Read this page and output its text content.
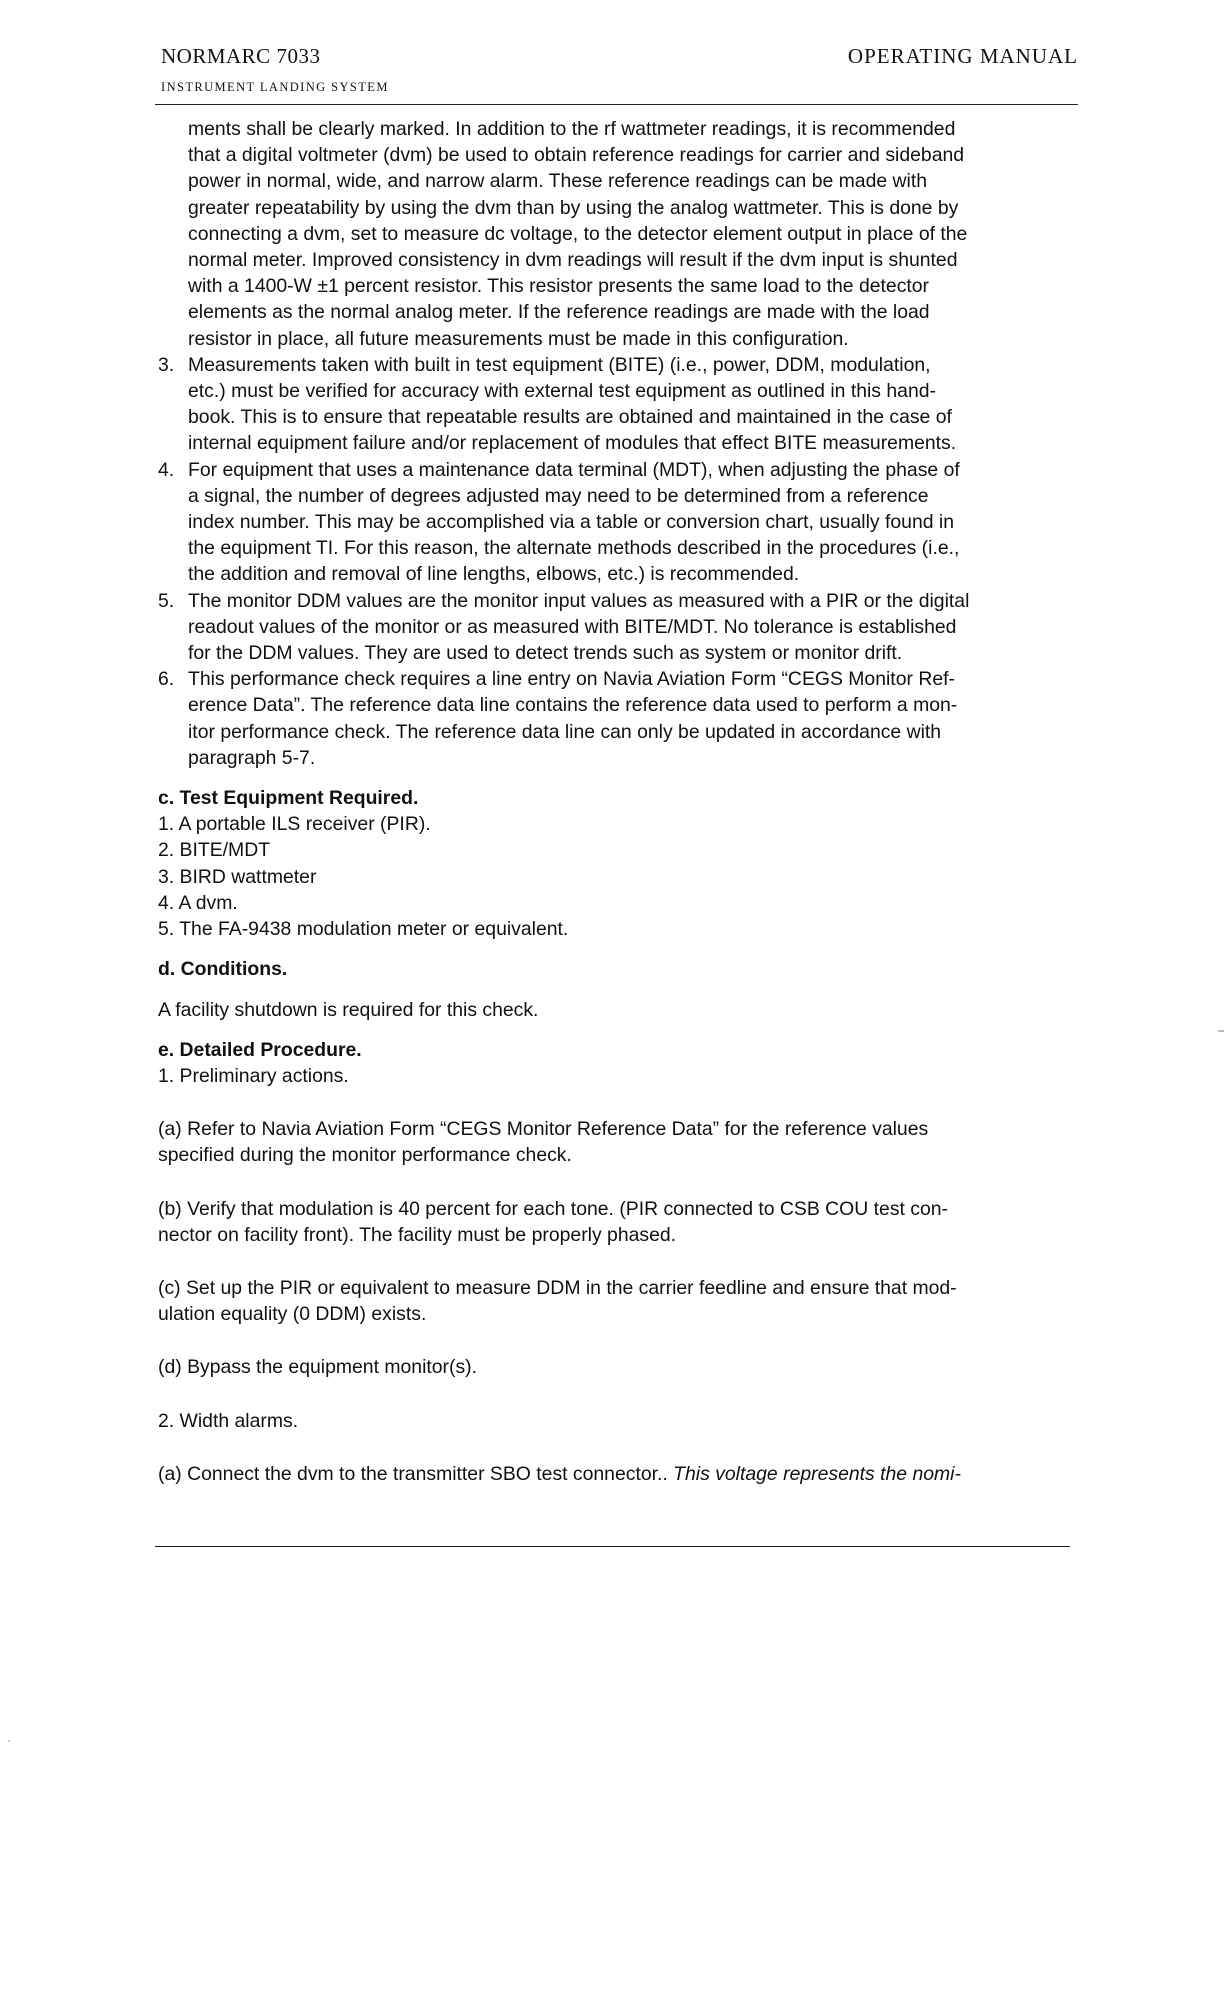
NORMARC 7033
INSTRUMENT LANDING SYSTEM
OPERATING MANUAL
ments shall be clearly marked. In addition to the rf wattmeter readings, it is recommended
that a digital voltmeter (dvm) be used to obtain reference readings for carrier and sideband
power in normal, wide, and narrow alarm. These reference readings can be made with
greater repeatability by using the dvm than by using the analog wattmeter. This is done by
connecting a dvm, set to measure dc voltage, to the detector element output in place of the
normal meter. Improved consistency in dvm readings will result if the dvm input is shunted
with a 1400-W ±1 percent resistor. This resistor presents the same load to the detector
elements as the normal analog meter. If the reference readings are made with the load
resistor in place, all future measurements must be made in this configuration.
3. Measurements taken with built in test equipment (BITE) (i.e., power, DDM, modulation,
etc.) must be verified for accuracy with external test equipment as outlined in this hand-
book. This is to ensure that repeatable results are obtained and maintained in the case of
internal equipment failure and/or replacement of modules that effect BITE measurements.
4. For equipment that uses a maintenance data terminal (MDT), when adjusting the phase of
a signal, the number of degrees adjusted may need to be determined from a reference
index number. This may be accomplished via a table or conversion chart, usually found in
the equipment TI. For this reason, the alternate methods described in the procedures (i.e.,
the addition and removal of line lengths, elbows, etc.) is recommended.
5. The monitor DDM values are the monitor input values as measured with a PIR or the digital
readout values of the monitor or as measured with BITE/MDT. No tolerance is established
for the DDM values. They are used to detect trends such as system or monitor drift.
6. This performance check requires a line entry on Navia Aviation Form “CEGS Monitor Ref-
erence Data”. The reference data line contains the reference data used to perform a mon-
itor performance check. The reference data line can only be updated in accordance with
paragraph 5-7.
c. Test Equipment Required.
1. A portable ILS receiver (PIR).
2. BITE/MDT
3. BIRD wattmeter
4. A dvm.
5. The FA-9438 modulation meter or equivalent.
d. Conditions.
A facility shutdown is required for this check.
e. Detailed Procedure.
1. Preliminary actions.
(a) Refer to Navia Aviation Form “CEGS Monitor Reference Data” for the reference values
specified during the monitor performance check.
(b) Verify that modulation is 40 percent for each tone. (PIR connected to CSB COU test con-
nector on facility front). The facility must be properly phased.
(c) Set up the PIR or equivalent to measure DDM in the carrier feedline and ensure that mod-
ulation equality (0 DDM) exists.
(d) Bypass the equipment monitor(s).
2. Width alarms.
(a) Connect the dvm to the transmitter SBO test connector.. This voltage represents the nomi-
